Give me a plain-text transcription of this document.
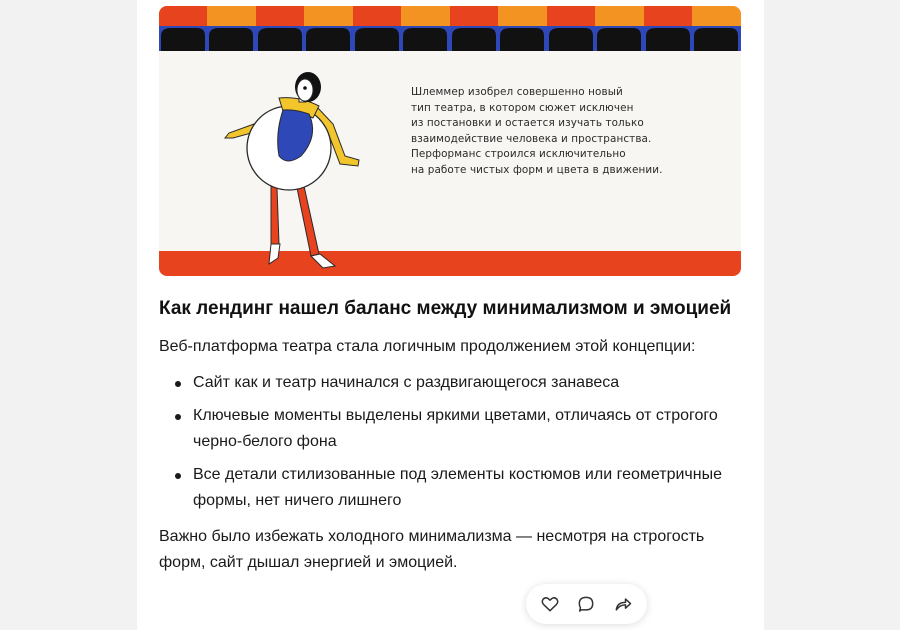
Шлеммер изобрел совершенно новый
тип театра, в котором сюжет исключен
из постановки и остается изучать только
взаимодействие человека и пространства.
Перформанс строился исключительно
на работе чистых форм и цвета в движении.
Как лендинг нашел баланс между минимализмом и эмоцией

Веб-платформа театра стала логичным продолжением этой концепции:

Сайт как и театр начинался с раздвигающегося занавеса
Ключевые моменты выделены яркими цветами, отличаясь от строгого черно-белого фона
Все детали стилизованные под элементы костюмов или геометричные формы, нет ничего лишнего

Важно было избежать холодного минимализма — несмотря на строгость форм, сайт дышал энергией и эмоцией.
